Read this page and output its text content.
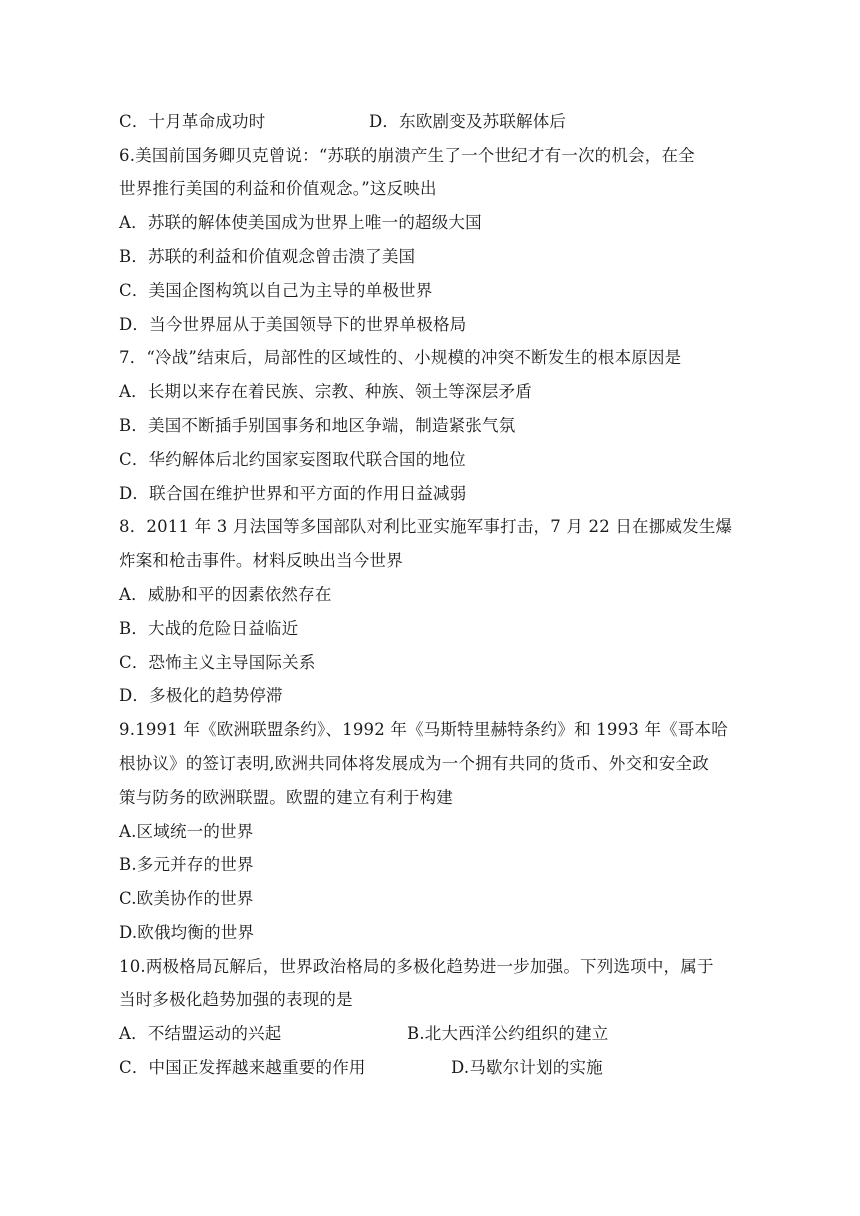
C．十月革命成功时	D．东欧剧变及苏联解体后
6.美国前国务卿贝克曾说：“苏联的崩溃产生了一个世纪才有一次的机会，在全
世界推行美国的利益和价值观念。”这反映出
A．苏联的解体使美国成为世界上唯一的超级大国
B．苏联的利益和价值观念曾击溃了美国
C．美国企图构筑以自己为主导的单极世界
D．当今世界屈从于美国领导下的世界单极格局
7．“冷战”结束后，局部性的区域性的、小规模的冲突不断发生的根本原因是
A．长期以来存在着民族、宗教、种族、领土等深层矛盾
B．美国不断插手别国事务和地区争端，制造紧张气氛
C．华约解体后北约国家妄图取代联合国的地位
D．联合国在维护世界和平方面的作用日益减弱
8．2011 年 3 月法国等多国部队对利比亚实施军事打击，7 月 22 日在挪威发生爆
炸案和枪击事件。材料反映出当今世界
A．威胁和平的因素依然存在
B．大战的危险日益临近
C．恐怖主义主导国际关系
D．多极化的趋势停滞
9.1991 年《欧洲联盟条约》、1992 年《马斯特里赫特条约》和 1993 年《哥本哈
根协议》的签订表明,欧洲共同体将发展成为一个拥有共同的货币、外交和安全政
策与防务的欧洲联盟。欧盟的建立有利于构建
A.区域统一的世界
B.多元并存的世界
C.欧美协作的世界
D.欧俄均衡的世界
10.两极格局瓦解后，世界政治格局的多极化趋势进一步加强。下列选项中，属于
当时多极化趋势加强的表现的是
A．不结盟运动的兴起	B.北大西洋公约组织的建立
C．中国正发挥越来越重要的作用	D.马歇尔计划的实施
